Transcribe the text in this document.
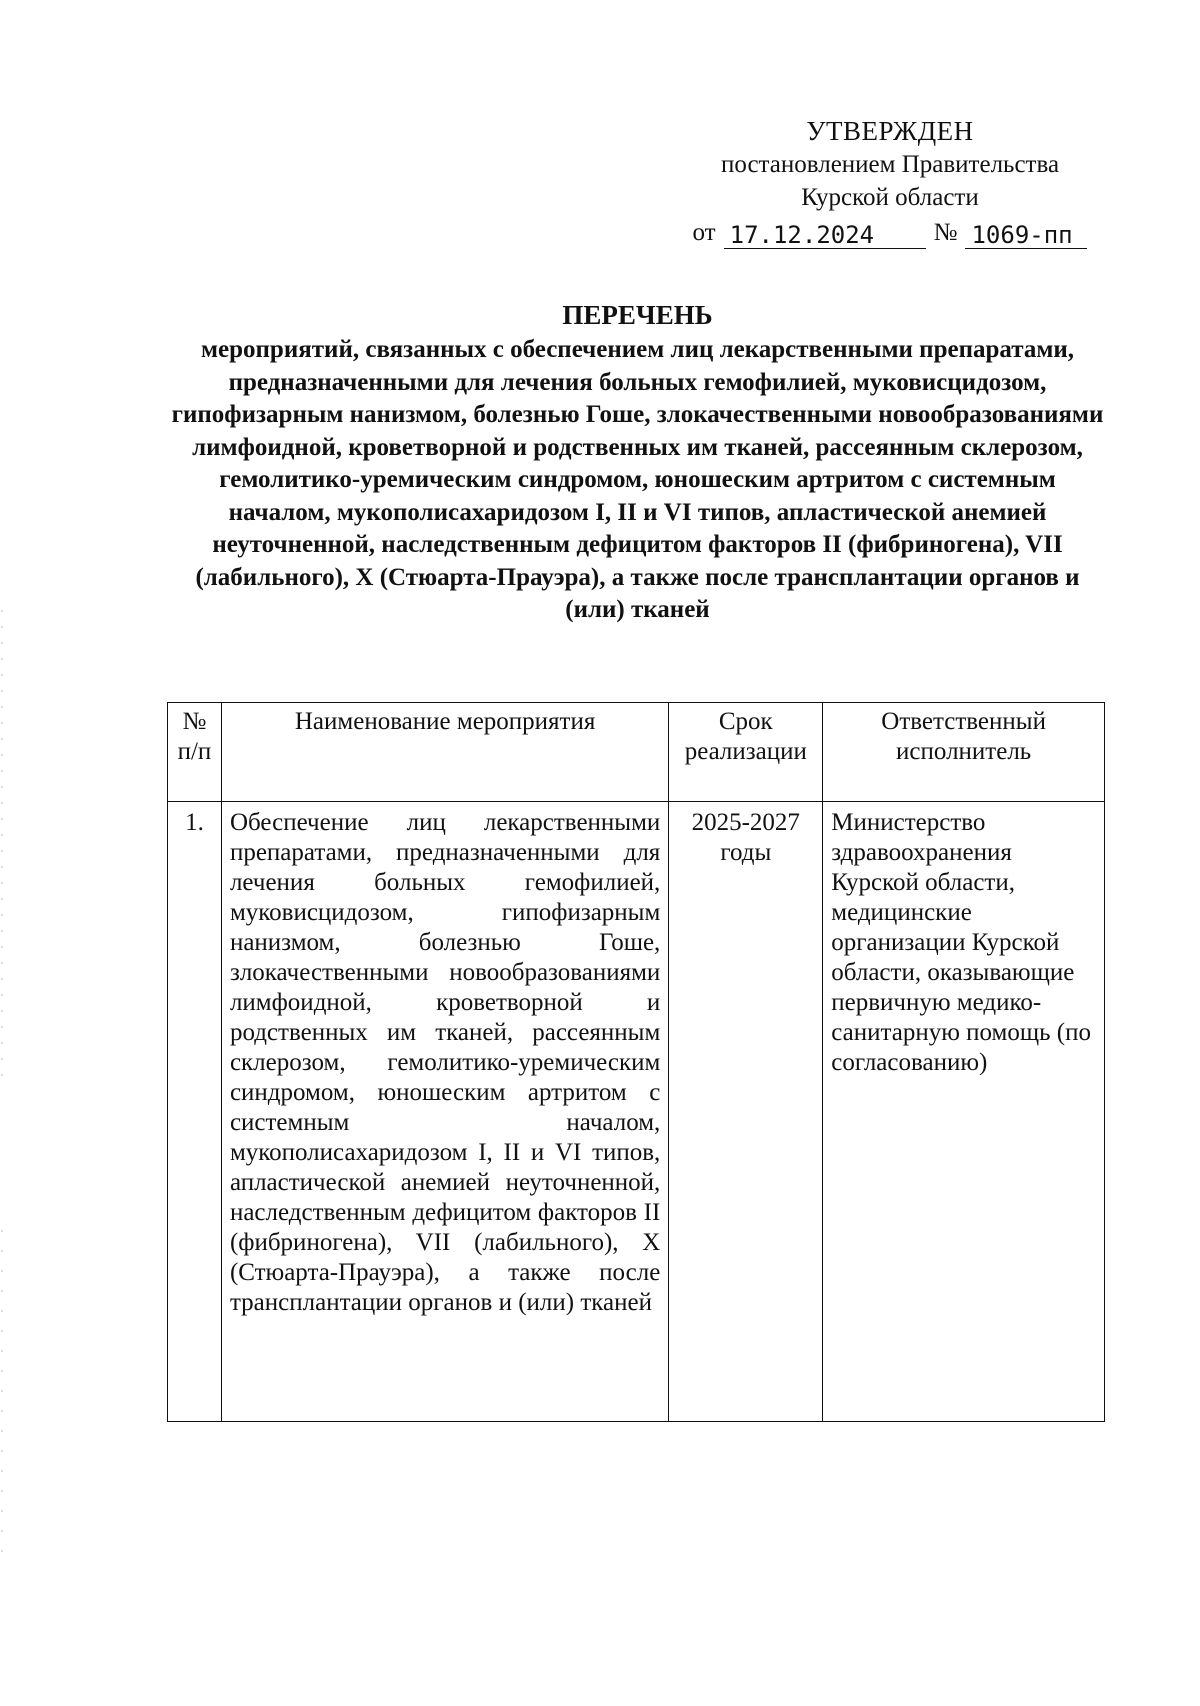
УТВЕРЖДЕН
постановлением Правительства
Курской области
от 17.12.2024	№ 1069-пп
ПЕРЕЧЕНЬ
мероприятий, связанных с обеспечением лиц лекарственными препаратами, предназначенными для лечения больных гемофилией, муковисцидозом, гипофизарным нанизмом, болезнью Гоше, злокачественными новообразованиями лимфоидной, кроветворной и родственных им тканей, рассеянным склерозом, гемолитико-уремическим синдромом, юношеским артритом с системным началом, мукополисахаридозом I, II и VI типов, апластической анемией неуточненной, наследственным дефицитом факторов II (фибриногена), VII (лабильного), X (Стюарта-Прауэра), а также после трансплантации органов и (или) тканей
№ п/п	Наименование мероприятия	Срок реализации	Ответственный исполнитель
1.	Обеспечение лиц лекарственными препаратами, предназначенными для лечения больных гемофилией, муковисцидозом, гипофизарным нанизмом, болезнью Гоше, злокачественными новообразованиями лимфоидной, кроветворной и родственных им тканей, рассеянным склерозом, гемолитико-уремическим синдромом, юношеским артритом с системным началом, мукополисахаридозом I, II и VI типов, апластической анемией неуточненной, наследственным дефицитом факторов II (фибриногена), VII (лабильного), X (Стюарта-Прауэра), а также после трансплантации органов и (или) тканей	2025-2027 годы	Министерство здравоохранения Курской области, медицинские организации Курской области, оказывающие первичную медико-санитарную помощь (по согласованию)
